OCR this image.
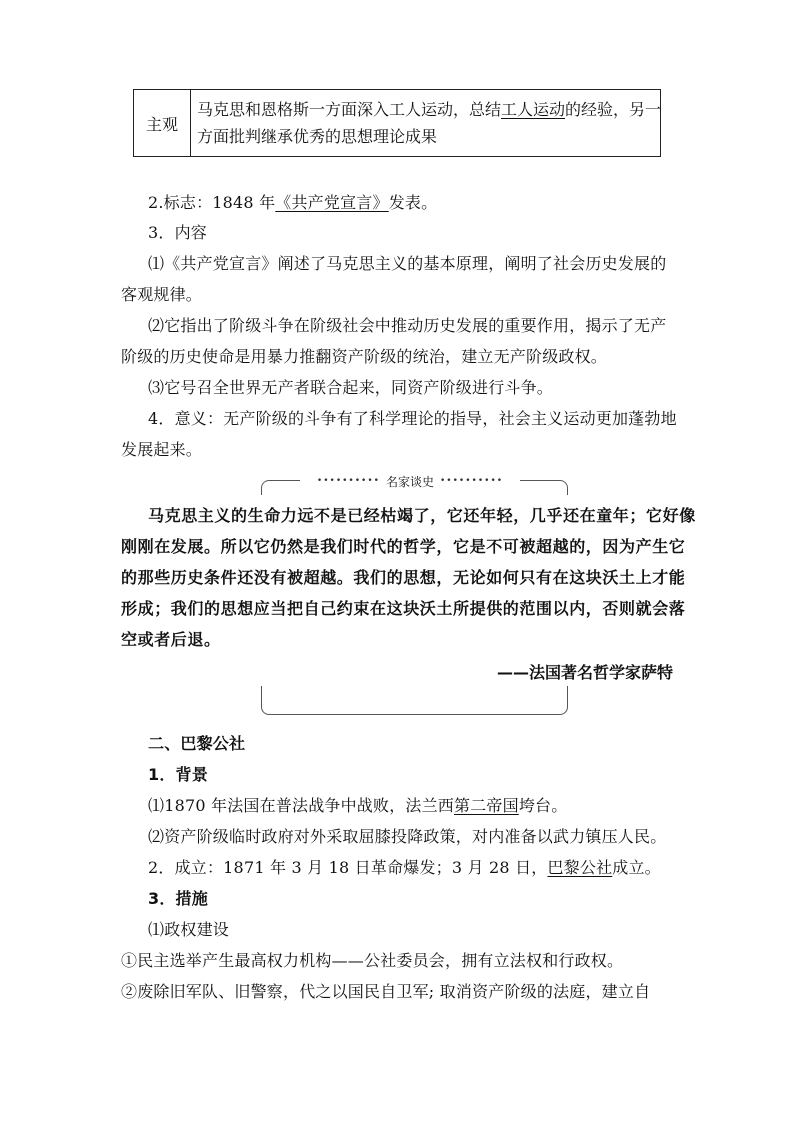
主观
马克思和恩格斯一方面深入工人运动，总结工人运动的经验，另一
方面批判继承优秀的思想理论成果
2.标志：1848 年《共产党宣言》发表。
3．内容
⑴《共产党宣言》阐述了马克思主义的基本原理，阐明了社会历史发展的
客观规律。
⑵它指出了阶级斗争在阶级社会中推动历史发展的重要作用，揭示了无产
阶级的历史使命是用暴力推翻资产阶级的统治，建立无产阶级政权。
⑶它号召全世界无产者联合起来，同资产阶级进行斗争。
4．意义：无产阶级的斗争有了科学理论的指导，社会主义运动更加蓬勃地
发展起来。
•••••••••• 名家谈史 ••••••••••
马克思主义的生命力远不是已经枯竭了，它还年轻，几乎还在童年；它好像
刚刚在发展。所以它仍然是我们时代的哲学，它是不可被超越的，因为产生它
的那些历史条件还没有被超越。我们的思想，无论如何只有在这块沃土上才能
形成；我们的思想应当把自己约束在这块沃土所提供的范围以内，否则就会落
空或者后退。
——法国著名哲学家萨特
二、巴黎公社
1．背景
⑴1870 年法国在普法战争中战败，法兰西第二帝国垮台。
⑵资产阶级临时政府对外采取屈膝投降政策，对内准备以武力镇压人民。
2．成立：1871 年 3 月 18 日革命爆发；3 月 28 日，巴黎公社成立。
3．措施
⑴政权建设
①民主选举产生最高权力机构——公社委员会，拥有立法权和行政权。
②废除旧军队、旧警察，代之以国民自卫军; 取消资产阶级的法庭，建立自
